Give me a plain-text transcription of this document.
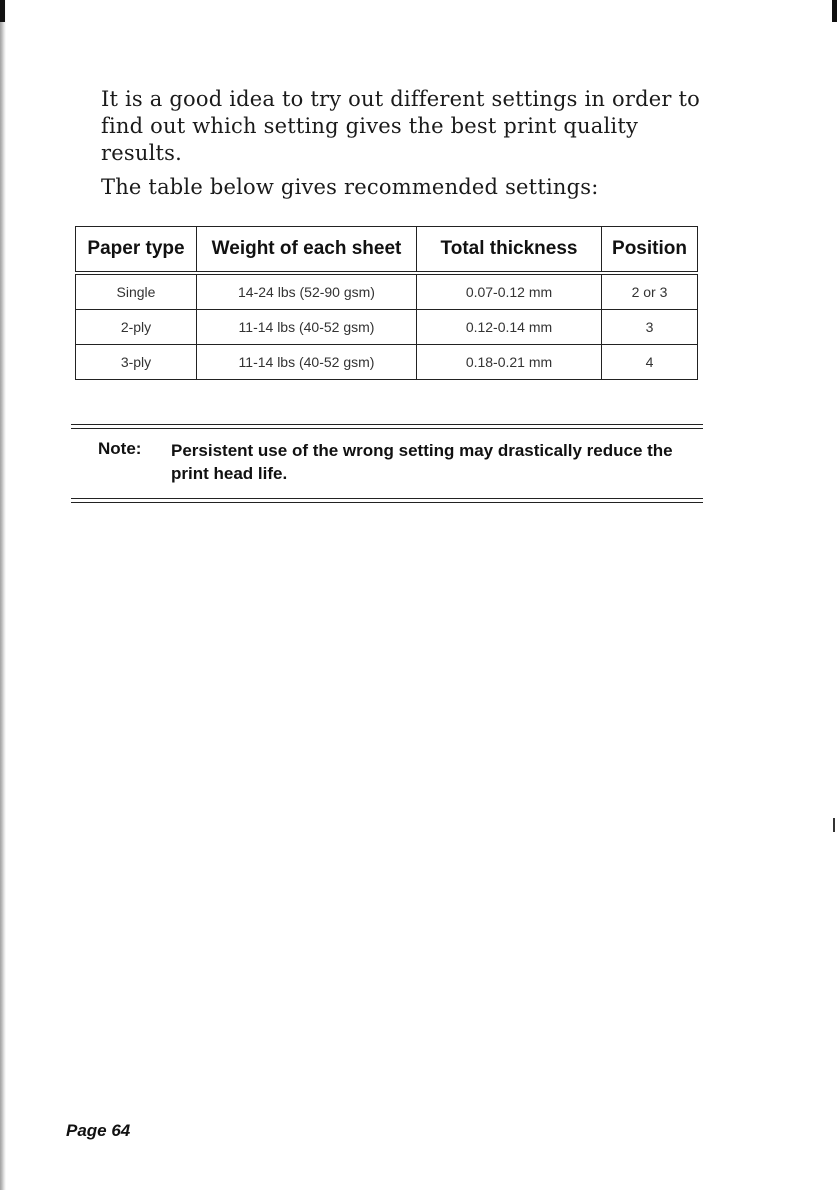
It is a good idea to try out different settings in order to find out which setting gives the best print quality results.

The table below gives recommended settings:

Paper type	Weight of each sheet	Total thickness	Position
Single	14-24 lbs (52-90 gsm)	0.07-0.12 mm	2 or 3
2-ply	11-14 lbs (40-52 gsm)	0.12-0.14 mm	3
3-ply	11-14 lbs (40-52 gsm)	0.18-0.21 mm	4
Note: Persistent use of the wrong setting may drastically reduce the print head life.

Page 64
